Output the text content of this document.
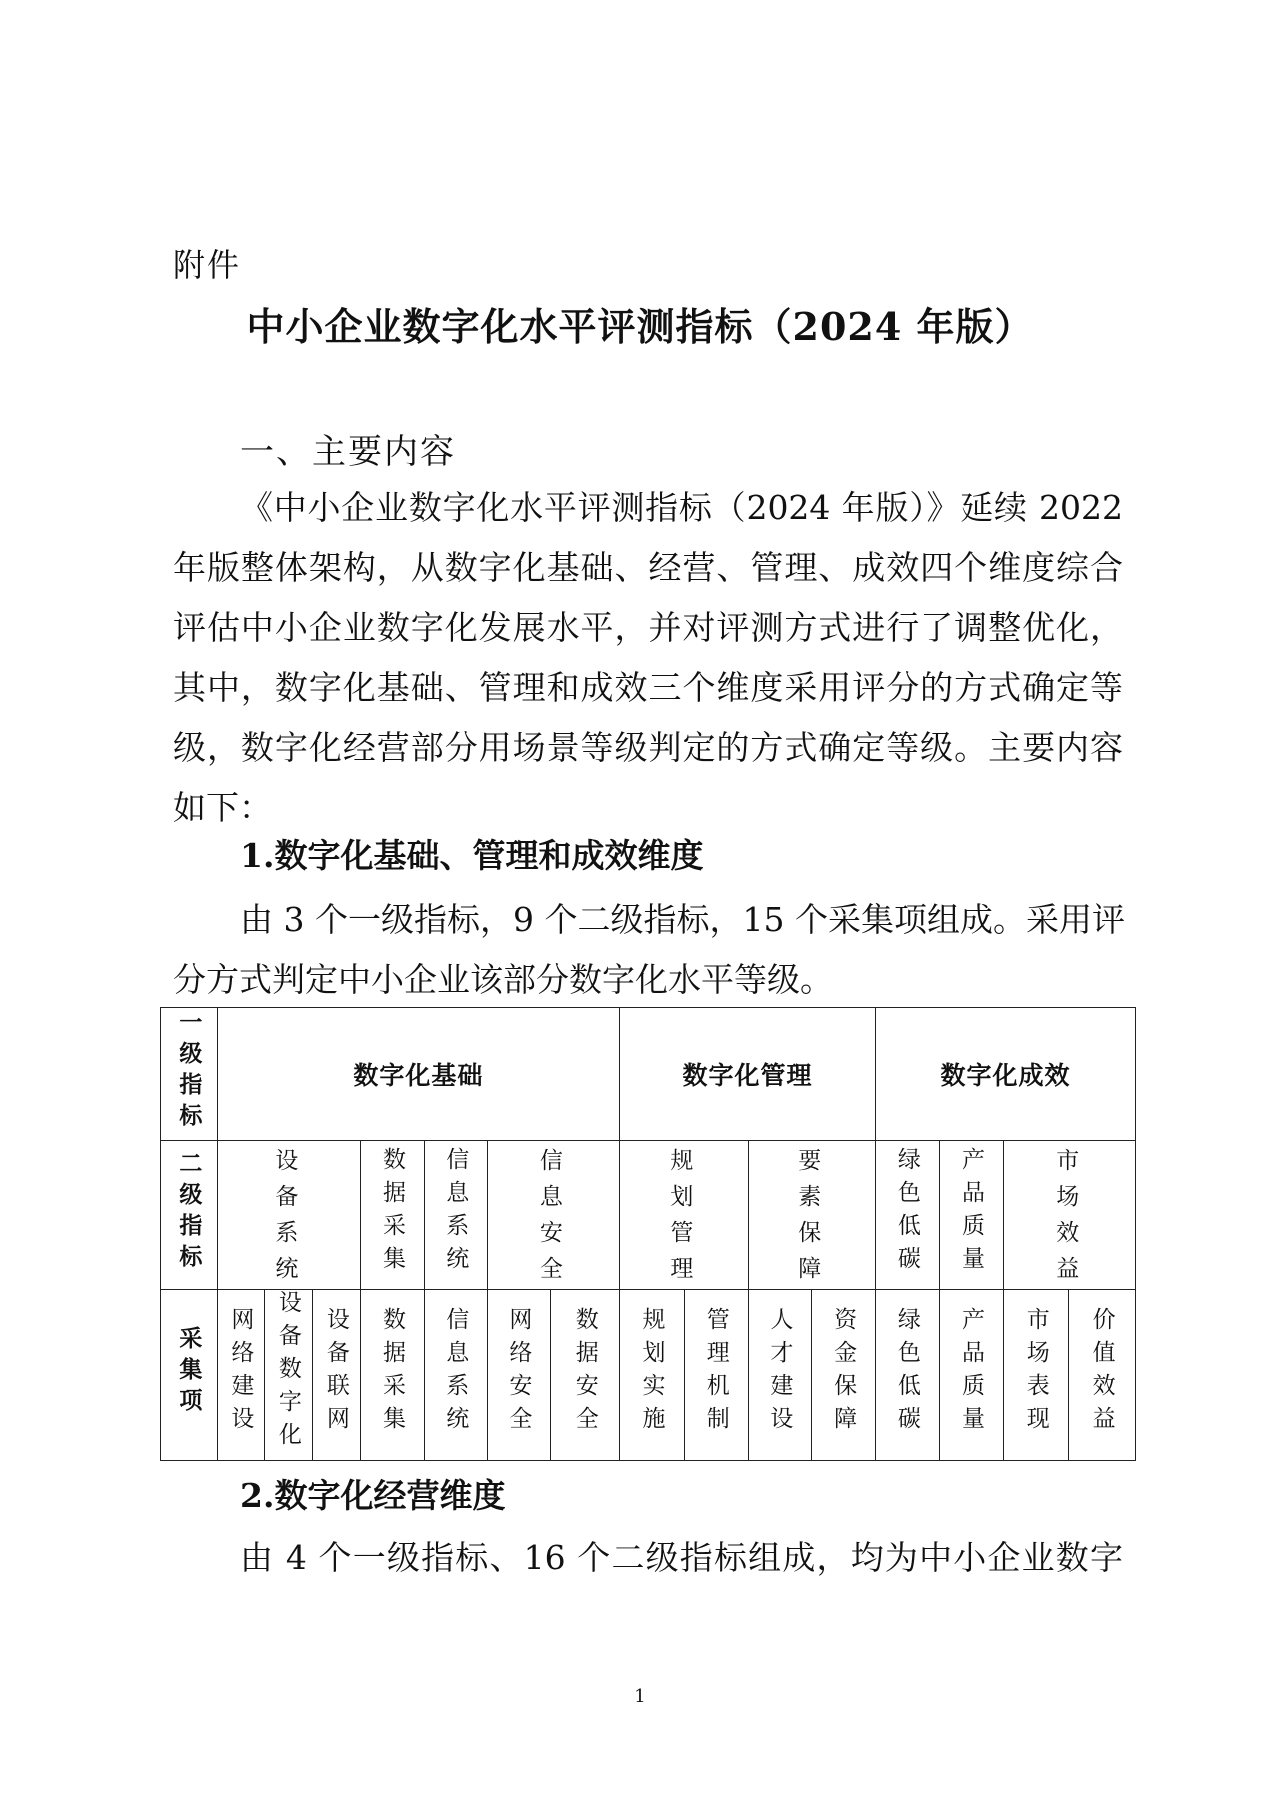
附件
中小企业数字化水平评测指标（2024 年版）
一、主要内容
《中小企业数字化水平评测指标（2024 年版）》延续 2022
年版整体架构，从数字化基础、经营、管理、成效四个维度综合
评估中小企业数字化发展水平，并对评测方式进行了调整优化，
其中，数字化基础、管理和成效三个维度采用评分的方式确定等
级，数字化经营部分用场景等级判定的方式确定等级。主要内容
如下：
1.数字化基础、管理和成效维度
由 3 个一级指标，9 个二级指标，15 个采集项组成。采用评
分方式判定中小企业该部分数字化水平等级。
一级指标	数字化基础							数字化管理				数字化成效			
二级指标	设备系统			数据采集	信息系统	信息安全		规划管理		要素保障		绿色低碳	产品质量	市场效益	
采集项	网络建设	设备数字化	设备联网	数据采集	信息系统	网络安全	数据安全	规划实施	管理机制	人才建设	资金保障	绿色低碳	产品质量	市场表现	价值效益
2.数字化经营维度
由 4 个一级指标、16 个二级指标组成，均为中小企业数字
1
